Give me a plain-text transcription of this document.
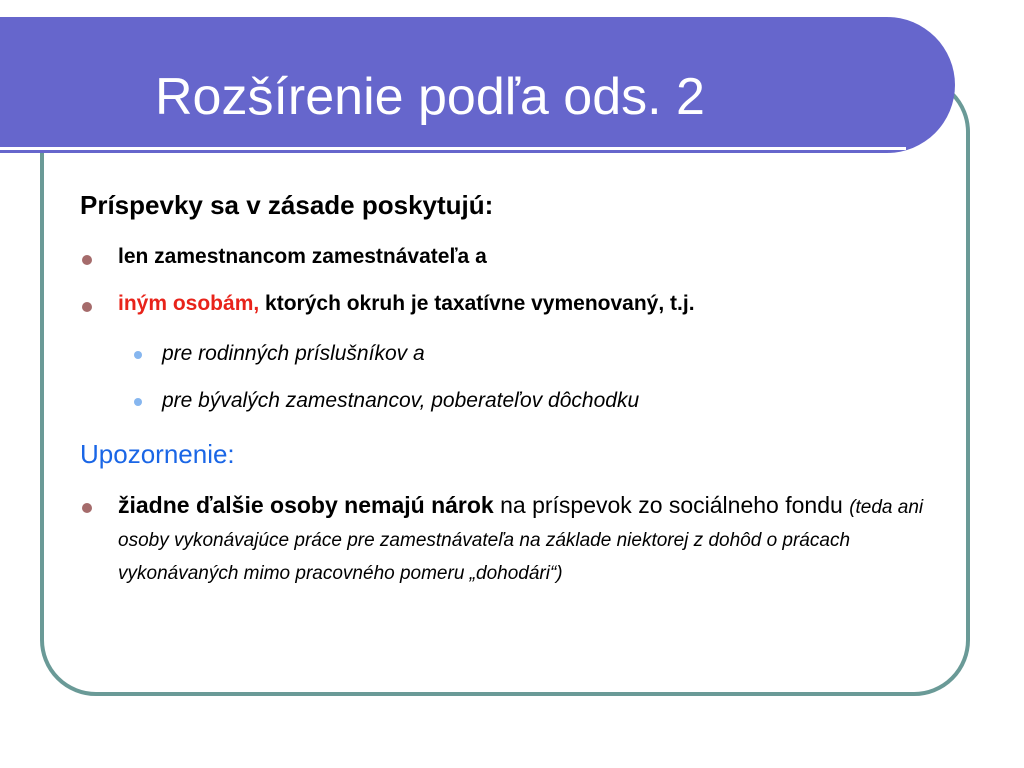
Rozšírenie podľa ods. 2
Príspevky sa v zásade poskytujú:
len zamestnancom zamestnávateľa a
iným osobám, ktorých okruh je taxatívne vymenovaný, t.j.
pre rodinných príslušníkov a
pre bývalých zamestnancov, poberateľov dôchodku
Upozornenie:
žiadne ďalšie osoby nemajú nárok na príspevok zo sociálneho fondu (teda ani osoby vykonávajúce práce pre zamestnávateľa na základe niektorej z dohôd o prácach vykonávaných mimo pracovného pomeru „dohodári“)
